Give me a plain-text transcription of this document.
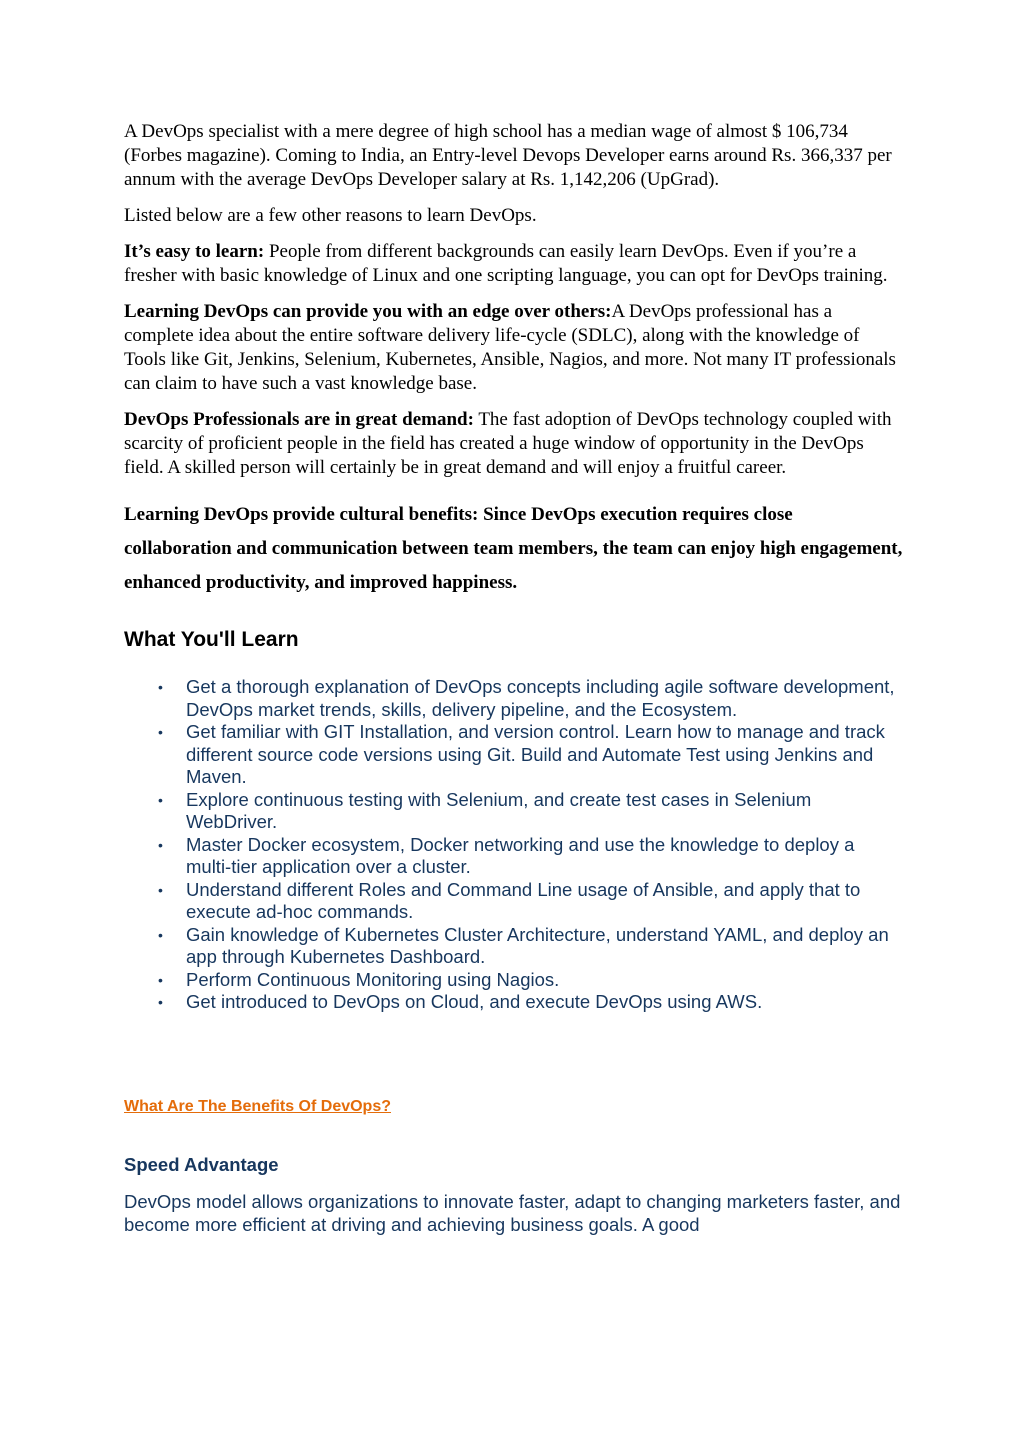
A DevOps specialist with a mere degree of high school has a median wage of almost $ 106,734 (Forbes magazine). Coming to India, an Entry-level Devops Developer earns around Rs. 366,337 per annum with the average DevOps Developer salary at Rs. 1,142,206 (UpGrad).

Listed below are a few other reasons to learn DevOps.

It’s easy to learn: People from different backgrounds can easily learn DevOps. Even if you’re a fresher with basic knowledge of Linux and one scripting language, you can opt for DevOps training.

Learning DevOps can provide you with an edge over others:A DevOps professional has a complete idea about the entire software delivery life-cycle (SDLC), along with the knowledge of Tools like Git, Jenkins, Selenium, Kubernetes, Ansible, Nagios, and more. Not many IT professionals can claim to have such a vast knowledge base.

DevOps Professionals are in great demand: The fast adoption of DevOps technology coupled with scarcity of proficient people in the field has created a huge window of opportunity in the DevOps field. A skilled person will certainly be in great demand and will enjoy a fruitful career.

Learning DevOps provide cultural benefits: Since DevOps execution requires close collaboration and communication between team members, the team can enjoy high engagement, enhanced productivity, and improved happiness.
What You'll Learn
• Get a thorough explanation of DevOps concepts including agile software development, DevOps market trends, skills, delivery pipeline, and the Ecosystem.
• Get familiar with GIT Installation, and version control. Learn how to manage and track different source code versions using Git. Build and Automate Test using Jenkins and Maven.
• Explore continuous testing with Selenium, and create test cases in Selenium WebDriver.
• Master Docker ecosystem, Docker networking and use the knowledge to deploy a multi-tier application over a cluster.
• Understand different Roles and Command Line usage of Ansible, and apply that to execute ad-hoc commands.
• Gain knowledge of Kubernetes Cluster Architecture, understand YAML, and deploy an app through Kubernetes Dashboard.
• Perform Continuous Monitoring using Nagios.
• Get introduced to DevOps on Cloud, and execute DevOps using AWS.
What Are The Benefits Of DevOps?
Speed Advantage
DevOps model allows organizations to innovate faster, adapt to changing marketers faster, and become more efficient at driving and achieving business goals. A good
